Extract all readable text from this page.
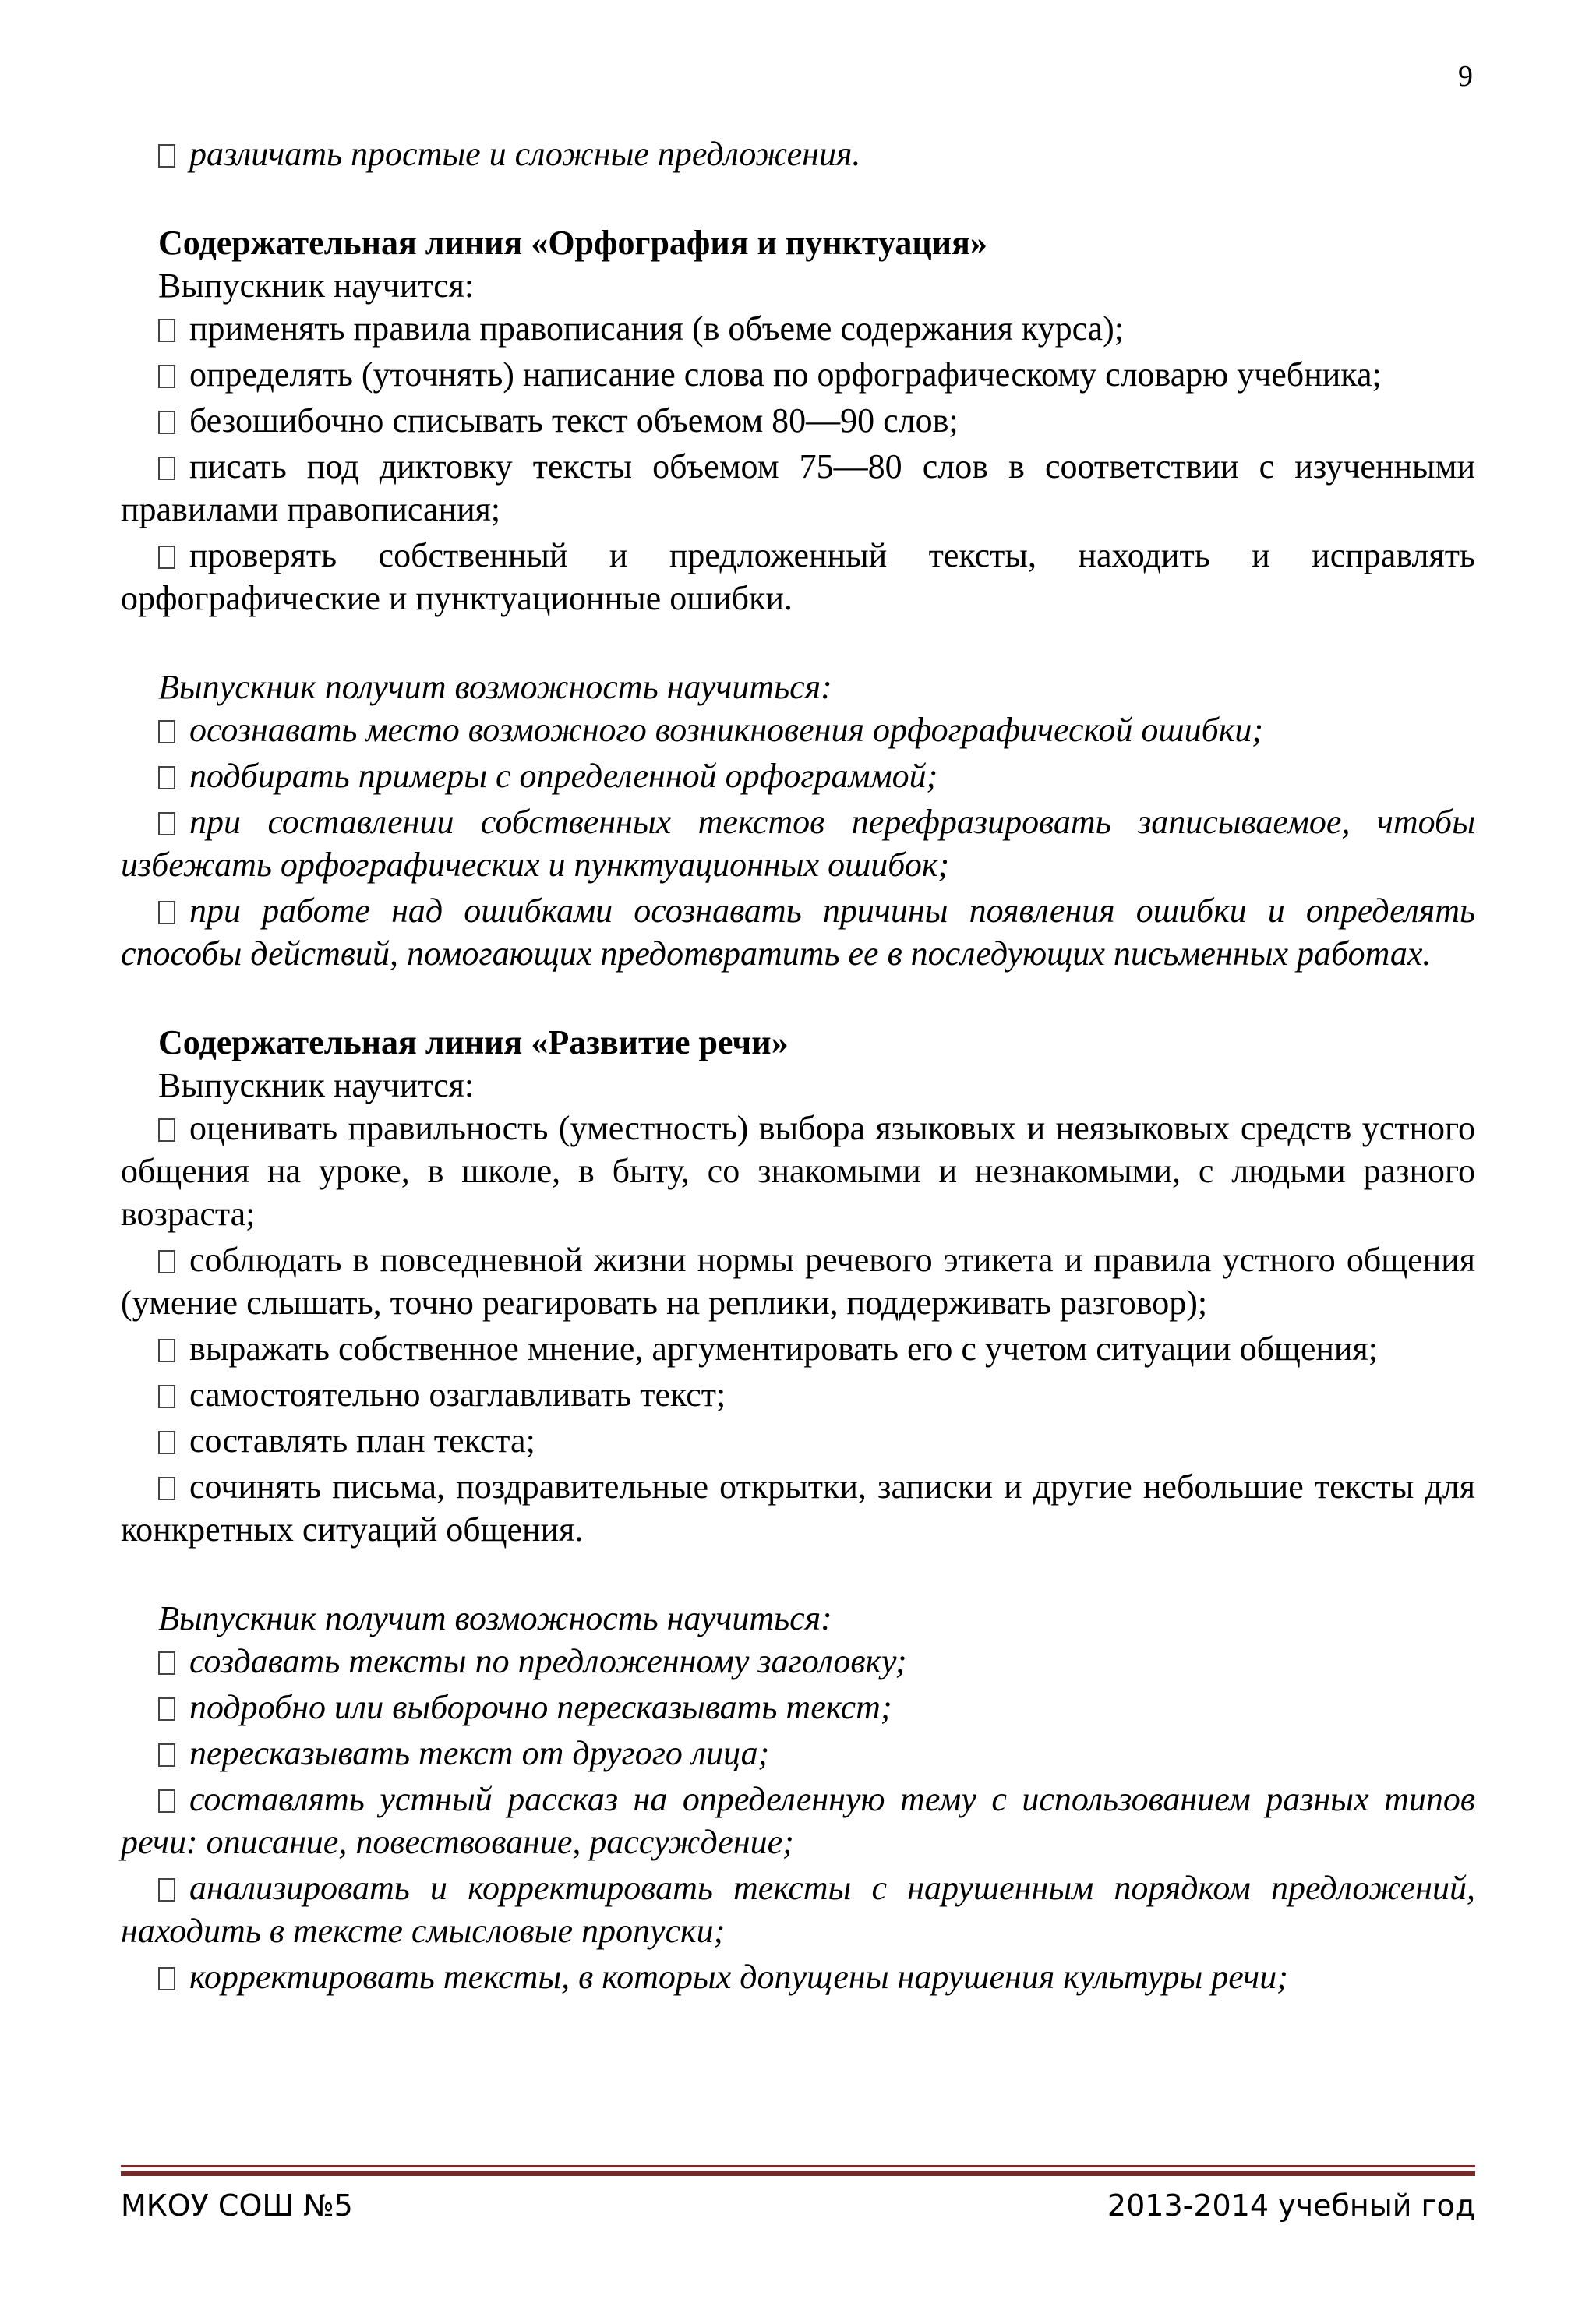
9

различать простые и сложные предложения.

Содержательная линия «Орфография и пунктуация»

Выпускник научится:

применять правила правописания (в объеме содержания курса);

определять (уточнять) написание слова по орфографическому словарю учебника;

безошибочно списывать текст объемом 80—90 слов;

писать под диктовку тексты объемом 75—80 слов в соответствии с изученными правилами правописания;

проверять собственный и предложенный тексты, находить и исправлять орфографические и пунктуационные ошибки.

Выпускник получит возможность научиться:

осознавать место возможного возникновения орфографической ошибки;

подбирать примеры с определенной орфограммой;

при составлении собственных текстов перефразировать записываемое, чтобы избежать орфографических и пунктуационных ошибок;

при работе над ошибками осознавать причины появления ошибки и определять способы действий, помогающих предотвратить ее в последующих письменных работах.

Содержательная линия «Развитие речи»

Выпускник научится:

оценивать правильность (уместность) выбора языковых и неязыковых средств устного общения на уроке, в школе, в быту, со знакомыми и незнакомыми, с людьми разного возраста;

соблюдать в повседневной жизни нормы речевого этикета и правила устного общения (умение слышать, точно реагировать на реплики, поддерживать разговор);

выражать собственное мнение, аргументировать его с учетом ситуации общения;

самостоятельно озаглавливать текст;

составлять план текста;

сочинять письма, поздравительные открытки, записки и другие небольшие тексты для конкретных ситуаций общения.

Выпускник получит возможность научиться:

создавать тексты по предложенному заголовку;

подробно или выборочно пересказывать текст;

пересказывать текст от другого лица;

составлять устный рассказ на определенную тему с использованием разных типов речи: описание, повествование, рассуждение;

анализировать и корректировать тексты с нарушенным порядком предложений, находить в тексте смысловые пропуски;

корректировать тексты, в которых допущены нарушения культуры речи;

МКОУ СОШ №5	2013-2014 учебный год
